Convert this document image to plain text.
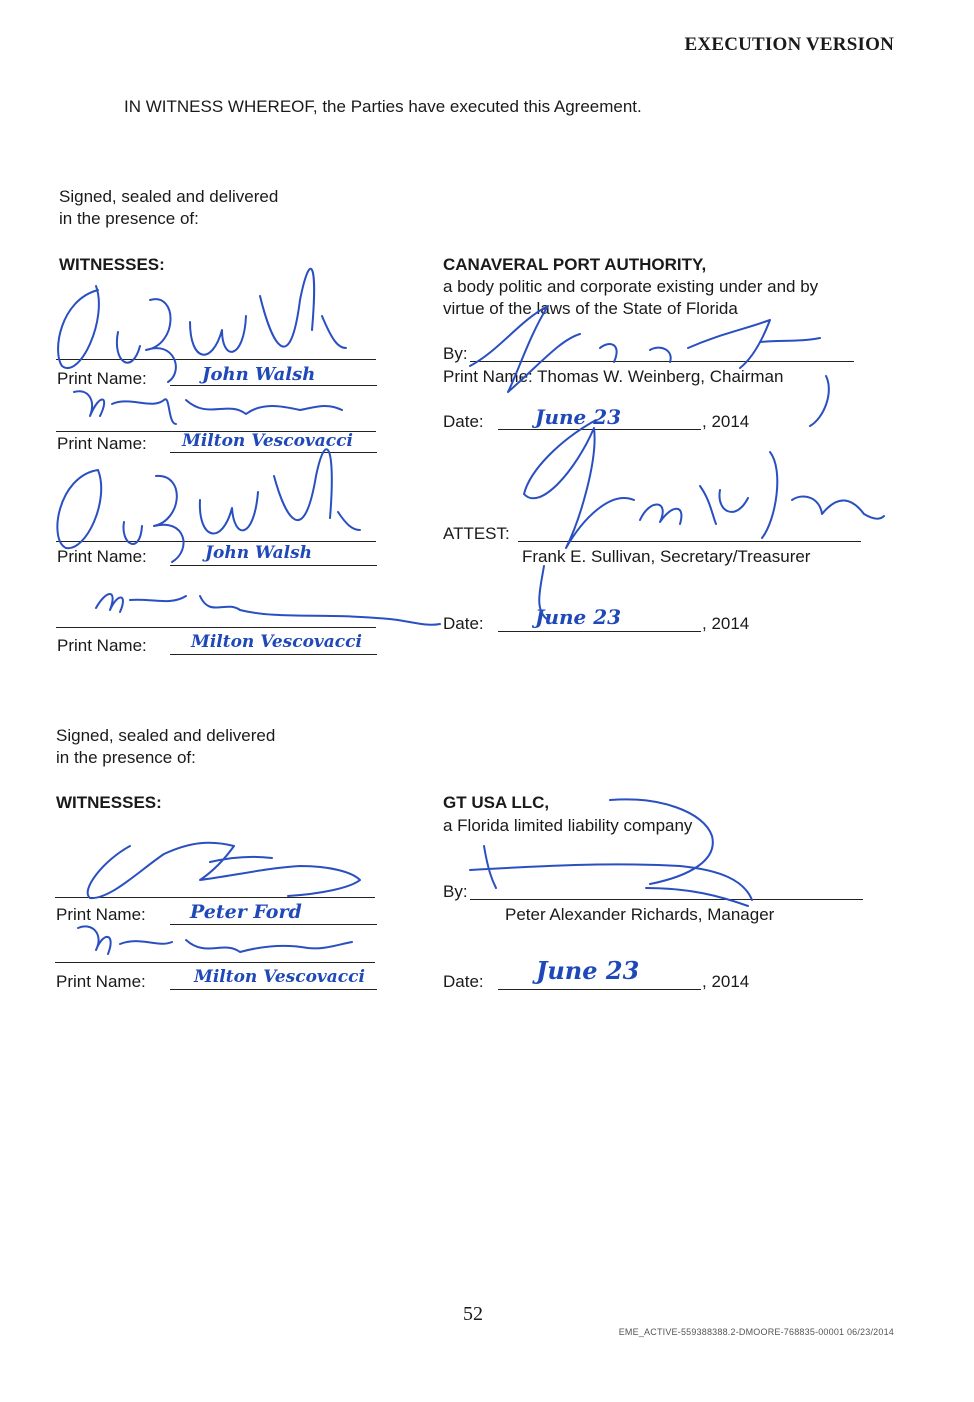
EXECUTION VERSION
IN WITNESS WHEREOF, the Parties have executed this Agreement.
Signed, sealed and delivered
in the presence of:
WITNESSES:
Print Name:	John Walsh
Print Name: Milton Vescovacci
Print Name:	John Walsh
Print Name:	Milton Vescovacci
CANAVERAL PORT AUTHORITY,
a body politic and corporate existing under and by
virtue of the laws of the State of Florida
By:
Print Name: Thomas W. Weinberg, Chairman
Date:	June 23	, 2014
ATTEST:
Frank E. Sullivan, Secretary/Treasurer
Date:	June 23	, 2014
Signed, sealed and delivered
in the presence of:
WITNESSES:
Print Name: Peter Ford
Print Name:	Milton Vescovacci
GT USA LLC,
a Florida limited liability company
By:
Peter Alexander Richards, Manager
Date: June 23	, 2014
52
EME_ACTIVE-559388388.2-DMOORE-768835-00001 06/23/2014
